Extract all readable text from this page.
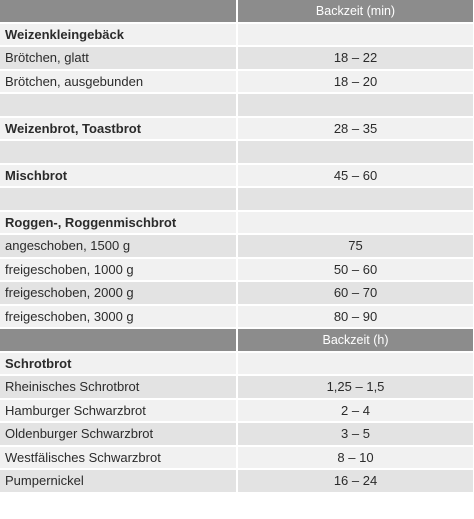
	Backzeit (min)
Weizenkleingebäck	
Brötchen, glatt	18 – 22
Brötchen, ausgebunden	18 – 20

Weizenbrot, Toastbrot	28 – 35

Mischbrot	45 – 60

Roggen-, Roggenmischbrot	
angeschoben, 1500 g	75
freigeschoben, 1000 g	50 – 60
freigeschoben, 2000 g	60 – 70
freigeschoben, 3000 g	80 – 90
	Backzeit (h)
Schrotbrot	
Rheinisches Schrotbrot	1,25 – 1,5
Hamburger Schwarzbrot	2 – 4
Oldenburger Schwarzbrot	3 – 5
Westfälisches Schwarzbrot	8 – 10
Pumpernickel	16 – 24
